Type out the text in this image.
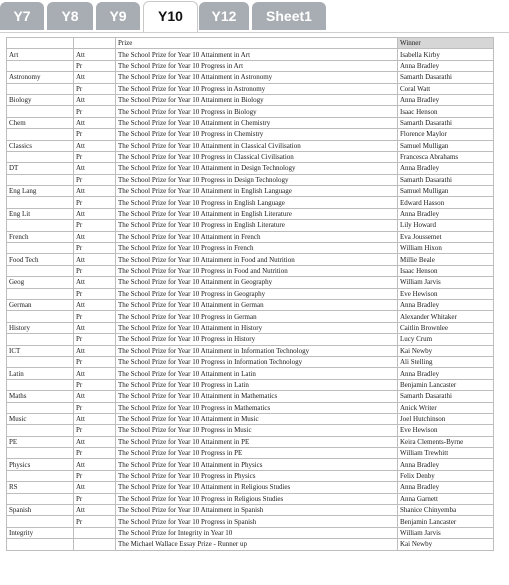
Y7	Y8	Y9	Y10	Y12	Sheet1
		Prize	Winner
Art	Att	The School Prize for Year 10 Attainment in Art	Isabella Kirby
	Pr	The School Prize for Year 10 Progress in Art	Anna Bradley
Astronomy	Att	The School Prize for Year 10 Attainment in Astronomy	Samarth Dasarathi
	Pr	The School Prize for Year 10 Progress in Astronomy	Coral Watt
Biology	Att	The School Prize for Year 10 Attainment in Biology	Anna Bradley
	Pr	The School Prize for Year 10 Progress in Biology	Isaac Henson
Chem	Att	The School Prize for Year 10 Attainment in Chemistry	Samarth Dasarathi
	Pr	The School Prize for Year 10 Progress in Chemistry	Florence Maylor
Classics	Att	The School Prize for Year 10 Attainment in Classical Civilisation	Samuel Mulligan
	Pr	The School Prize for Year 10 Progress in Classical Civilisation	Francesca Abrahams
DT	Att	The School Prize for Year 10 Attainment in Design Technology	Anna Bradley
	Pr	The School Prize for Year 10 Progress in Design Technology	Samarth Dasarathi
Eng Lang	Att	The School Prize for Year 10 Attainment in English Language	Samuel Mulligan
	Pr	The School Prize for Year 10 Progress in English Language	Edward Hasson
Eng Lit	Att	The School Prize for Year 10 Attainment in English Literature	Anna Bradley
	Pr	The School Prize for Year 10 Progress in English Literature	Lily Howard
French	Att	The School Prize for Year 10 Attainment in French	Eva Joussemet
	Pr	The School Prize for Year 10 Progress in French	William Hixon
Food Tech	Att	The School Prize for Year 10 Attainment in Food and Nutrition	Millie Beale
	Pr	The School Prize for Year 10 Progress in Food and Nutrition	Isaac Henson
Geog	Att	The School Prize for Year 10 Attainment in Geography	William Jarvis
	Pr	The School Prize for Year 10 Progress in Geography	Eve Hewison
German	Att	The School Prize for Year 10 Attainment in German	Anna Bradley
	Pr	The School Prize for Year 10 Progress in German	Alexander Whitaker
History	Att	The School Prize for Year 10 Attainment in History	Caitlin Brownlee
	Pr	The School Prize for Year 10 Progress in History	Lucy Crum
ICT	Att	The School Prize for Year 10 Attainment in Information Technology	Kai Newby
	Pr	The School Prize for Year 10 Progress in Information Technology	Ali Stelling
Latin	Att	The School Prize for Year 10 Attainment in Latin	Anna Bradley
	Pr	The School Prize for Year 10 Progress in Latin	Benjamin Lancaster
Maths	Att	The School Prize for Year 10 Attainment in Mathematics	Samarth Dasarathi
	Pr	The School Prize for Year 10 Progress in Mathematics	Anick Writer
Music	Att	The School Prize for Year 10 Attainment in Music	Joel Hutchinson
	Pr	The School Prize for Year 10 Progress in Music	Eve Hewison
PE	Att	The School Prize for Year 10 Attainment in PE	Keira Clements-Byrne
	Pr	The School Prize for Year 10 Progress in PE	William Trewhitt
Physics	Att	The School Prize for Year 10 Attainment in Physics	Anna Bradley
	Pr	The School Prize for Year 10 Progress in Physics	Felix Denby
RS	Att	The School Prize for Year 10 Attainment in Religious Studies	Anna Bradley
	Pr	The School Prize for Year 10 Progress in Religious Studies	Anna Garnett
Spanish	Att	The School Prize for Year 10 Attainment in Spanish	Shanice Chinyemba
	Pr	The School Prize for Year 10 Progress in Spanish	Benjamin Lancaster
Integrity		The School Prize for Integrity in Year 10	William Jarvis
		The Michael Wallace Essay Prize - Runner up	Kai Newby
